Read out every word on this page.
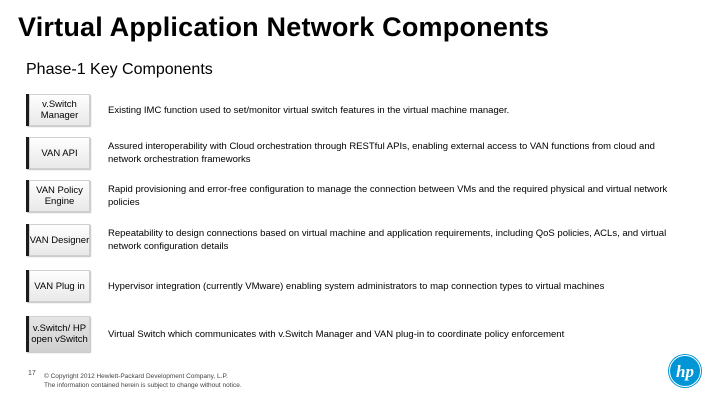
Virtual Application Network Components
Phase-1 Key Components
v.Switch Manager	Existing IMC function used to set/monitor virtual switch features in the virtual machine manager.
VAN API
Assured interoperability with Cloud orchestration through RESTful APIs, enabling external access to VAN functions from cloud and network orchestration frameworks
VAN Policy Engine
Rapid provisioning and error-free configuration to manage the connection between VMs and the required physical and virtual network policies
VAN Designer
Repeatability to design connections based on virtual machine and application requirements, including QoS policies, ACLs, and virtual network configuration details
VAN Plug in	Hypervisor integration (currently VMware) enabling system administrators to map connection types to virtual machines
v.Switch/ HP open vSwitch Virtual Switch which communicates with v.Switch Manager and VAN plug-in to coordinate policy enforcement
17 © Copyright 2012 Hewlett-Packard Development Company, L.P.
The information contained herein is subject to change without notice.
hp
